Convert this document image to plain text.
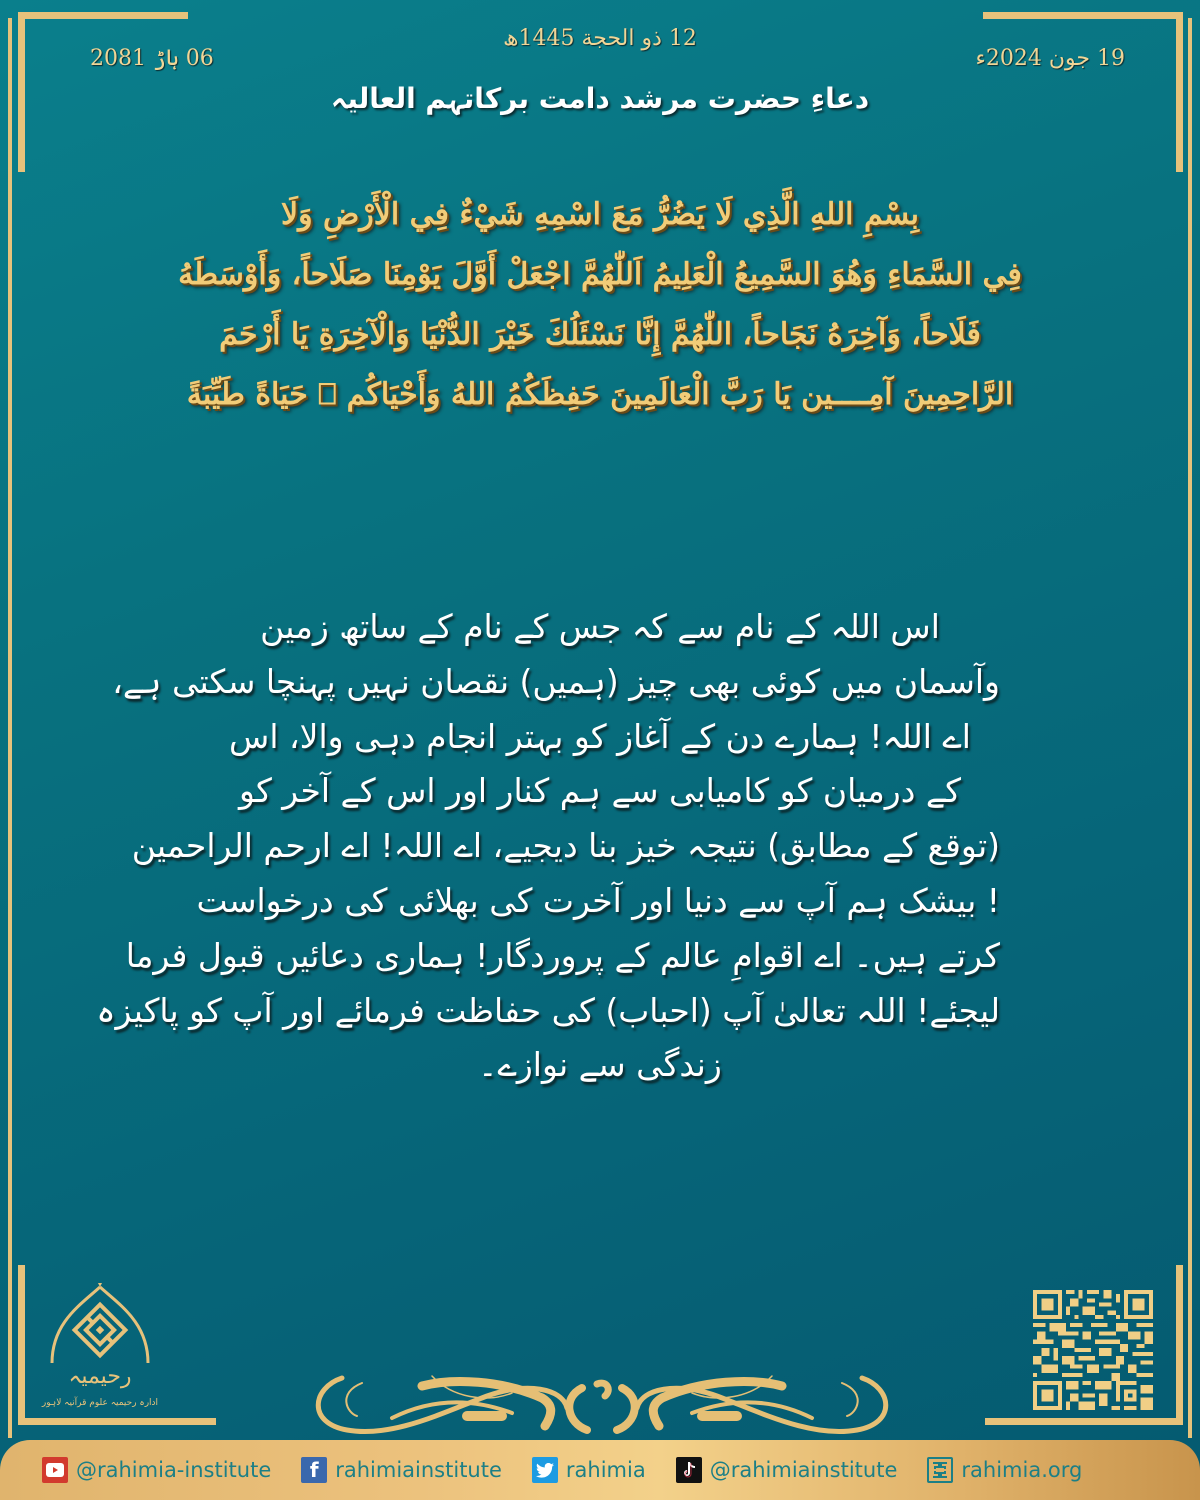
19 جون 2024ء
12 ذو الحجة 1445ھ
06 ہاڑ 2081
دعاءِ حضرت مرشد دامت برکاتہم العالیہ
بِسْمِ اللهِ الَّذِي لَا يَضُرُّ مَعَ اسْمِهِ شَيْءٌ فِي الْأَرْضِ وَلَا
فِي السَّمَاءِ وَهُوَ السَّمِيعُ الْعَلِيمُ اَللّٰهُمَّ اجْعَلْ أَوَّلَ يَوْمِنَا صَلَاحاً، وَأَوْسَطَهُ
فَلَاحاً، وَآخِرَهُ نَجَاحاً، اللّٰهُمَّ إِنَّا نَسْئَلُكَ خَيْرَ الدُّنْيَا وَالْآخِرَةِ يَا أَرْحَمَ
الرَّاحِمِينَ آمِــــين يَا رَبَّ الْعَالَمِينَ حَفِظَكُمُ اللهُ وَأَحْيَاكُم ⎕ حَيَاةً طَيِّبَةً
اس اللہ کے نام سے کہ جس کے نام کے ساتھ زمین
وآسمان میں کوئی بھی چیز (ہمیں) نقصان نہیں پہنچا سکتی ہے،
اے اللہ! ہمارے دن کے آغاز کو بہتر انجام دہی والا، اس
کے درمیان کو کامیابی سے ہم کنار اور اس کے آخر کو
(توقع کے مطابق) نتیجہ خیز بنا دیجیے، اے اللہ! اے ارحم الراحمین
! بیشک ہم آپ سے دنیا اور آخرت کی بھلائی کی درخواست
کرتے ہیں۔ اے اقوامِ عالم کے پروردگار! ہماری دعائیں قبول فرما
لیجئے! اللہ تعالیٰ آپ (احباب) کی حفاظت فرمائے اور آپ کو پاکیزہ
زندگی سے نوازے۔
رحیمیہ
ادارہ رحیمیہ علوم قرآنیہ لاہور
@rahimia-institute	f rahimiainstitute	rahimia	@rahimiainstitute	rahimia.org
